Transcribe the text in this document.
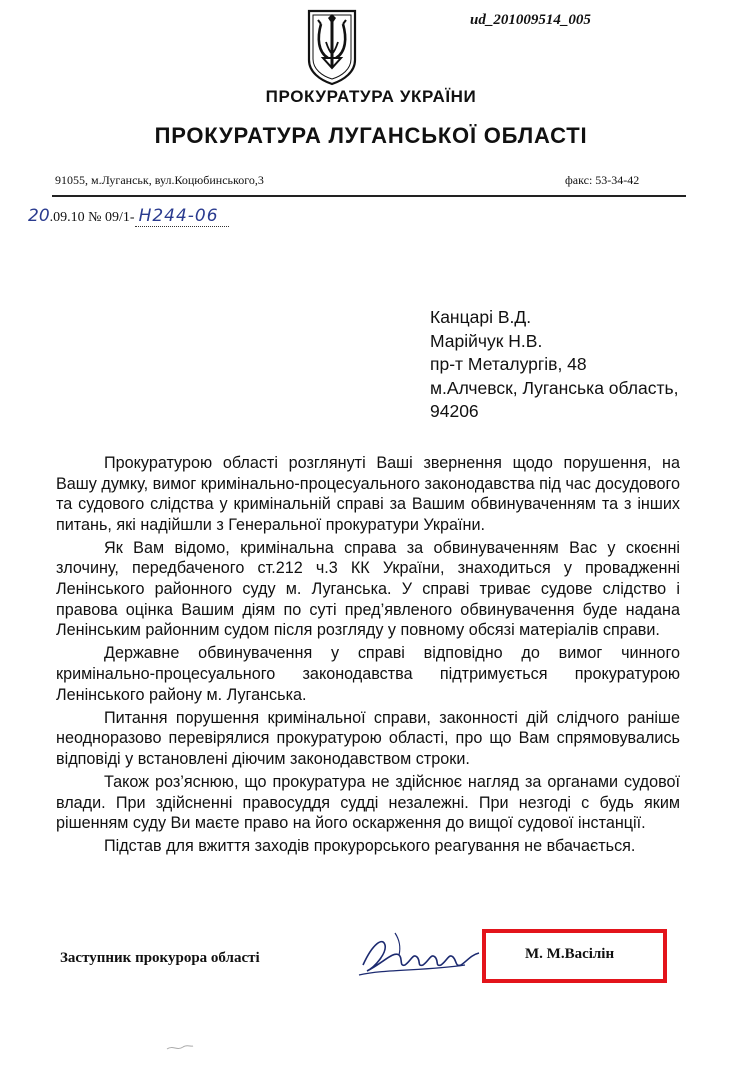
ud_201009514_005
ПРОКУРАТУРА УКРАЇНИ
ПРОКУРАТУРА ЛУГАНСЬКОЇ ОБЛАСТІ
91055, м.Луганськ, вул.Коцюбинського,3	факс: 53-34-42
20.09.10 № 09/1- Н244-06
Канцарі В.Д.
Марійчук Н.В.
пр-т Металургів, 48
м.Алчевск, Луганська область,
94206

Прокуратурою області розглянуті Ваші звернення щодо порушення, на Вашу думку, вимог кримінально-процесуального законодавства під час досудового та судового слідства у кримінальній справі за Вашим обвинуваченням та з інших питань, які надійшли з Генеральної прокуратури України.

Як Вам відомо, кримінальна справа за обвинуваченням Вас у скоєнні злочину, передбаченого ст.212 ч.3 КК України, знаходиться у провадженні Ленінського районного суду м. Луганська. У справі триває судове слідство і правова оцінка Вашим діям по суті пред’явленого обвинувачення буде надана Ленінським районним судом після розгляду у повному обсязі матеріалів справи.

Державне обвинувачення у справі відповідно до вимог чинного кримінально-процесуального законодавства підтримується прокуратурою Ленінського району м. Луганська.

Питання порушення кримінальної справи, законності дій слідчого раніше неодноразово перевірялися прокуратурою області, про що Вам спрямовувались відповіді у встановлені діючим законодавством строки.

Також роз’яснюю, що прокуратура не здійснює нагляд за органами судової влади. При здійсненні правосуддя судді незалежні. При незгоді с будь яким рішенням суду Ви маєте право на його оскарження до вищої судової інстанції.

Підстав для вжиття заходів прокурорського реагування не вбачається.

Заступник прокурора області	М. М.Васілін
